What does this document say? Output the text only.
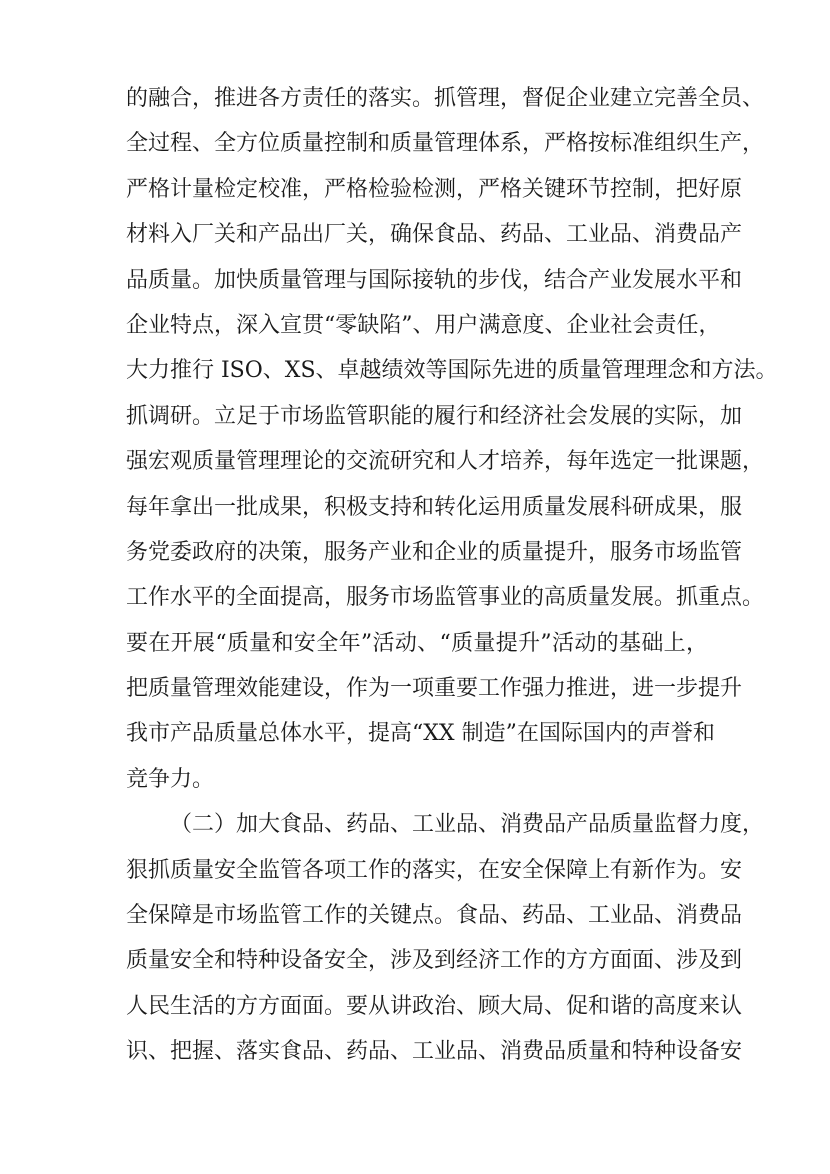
的融合，推进各方责任的落实。抓管理，督促企业建立完善全员、
全过程、全方位质量控制和质量管理体系，严格按标准组织生产，
严格计量检定校准，严格检验检测，严格关键环节控制，把好原
材料入厂关和产品出厂关，确保食品、药品、工业品、消费品产
品质量。加快质量管理与国际接轨的步伐，结合产业发展水平和
企业特点，深入宣贯“零缺陷”、用户满意度、企业社会责任，
大力推行 ISO、XS、卓越绩效等国际先进的质量管理理念和方法。
抓调研。立足于市场监管职能的履行和经济社会发展的实际，加
强宏观质量管理理论的交流研究和人才培养，每年选定一批课题，
每年拿出一批成果，积极支持和转化运用质量发展科研成果，服
务党委政府的决策，服务产业和企业的质量提升，服务市场监管
工作水平的全面提高，服务市场监管事业的高质量发展。抓重点。
要在开展“质量和安全年”活动、“质量提升”活动的基础上，
把质量管理效能建设，作为一项重要工作强力推进，进一步提升
我市产品质量总体水平，提高“XX 制造”在国际国内的声誉和
竞争力。
（二）加大食品、药品、工业品、消费品产品质量监督力度，
狠抓质量安全监管各项工作的落实，在安全保障上有新作为。安
全保障是市场监管工作的关键点。食品、药品、工业品、消费品
质量安全和特种设备安全，涉及到经济工作的方方面面、涉及到
人民生活的方方面面。要从讲政治、顾大局、促和谐的高度来认
识、把握、落实食品、药品、工业品、消费品质量和特种设备安
